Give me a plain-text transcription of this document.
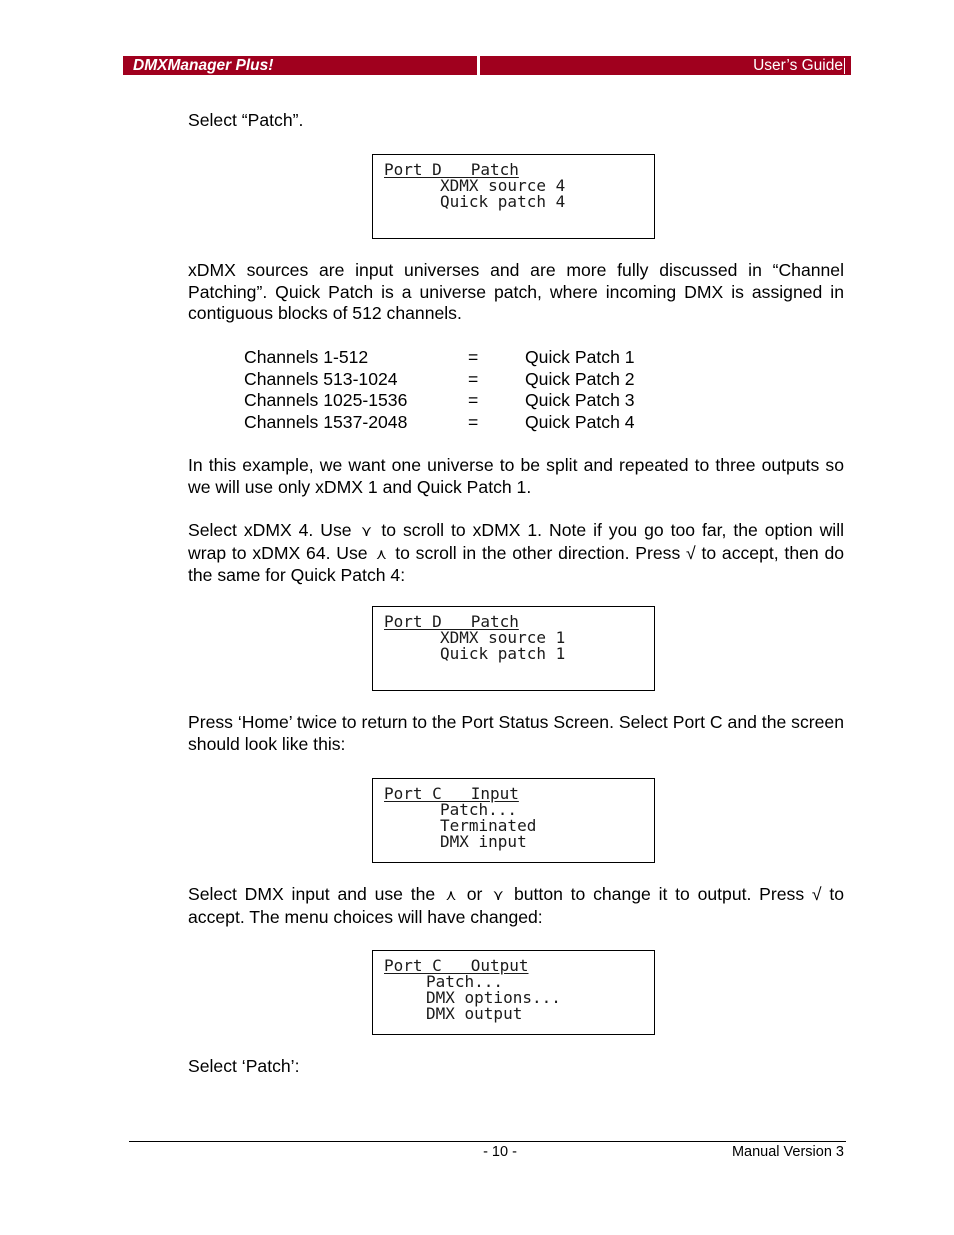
DMXManager Plus!	User’s Guide
Select “Patch”.
Port D   Patch
XDMX source 4
Quick patch 4
xDMX sources are input universes and are more fully discussed in “Channel Patching”. Quick Patch is a universe patch, where incoming DMX is assigned in contiguous blocks of 512 channels.
Channels 1-512	=	Quick Patch 1
Channels 513-1024	=	Quick Patch 2
Channels 1025-1536	=	Quick Patch 3
Channels 1537-2048	=	Quick Patch 4
In this example, we want one universe to be split and repeated to three outputs so we will use only xDMX 1 and Quick Patch 1.
Select xDMX 4. Use ⋎ to scroll to xDMX 1. Note if you go too far, the option will wrap to xDMX 64. Use ⋏ to scroll in the other direction. Press √ to accept, then do the same for Quick Patch 4:
Port D   Patch
XDMX source 1
Quick patch 1
Press ‘Home’ twice to return to the Port Status Screen. Select Port C and the screen should look like this:
Port C   Input
Patch...
Terminated
DMX input
Select DMX input and use the ⋏ or ⋎ button to change it to output. Press √ to accept. The menu choices will have changed:
Port C   Output
Patch...
DMX options...
DMX output
Select ‘Patch’:
- 10 -	Manual Version 3
